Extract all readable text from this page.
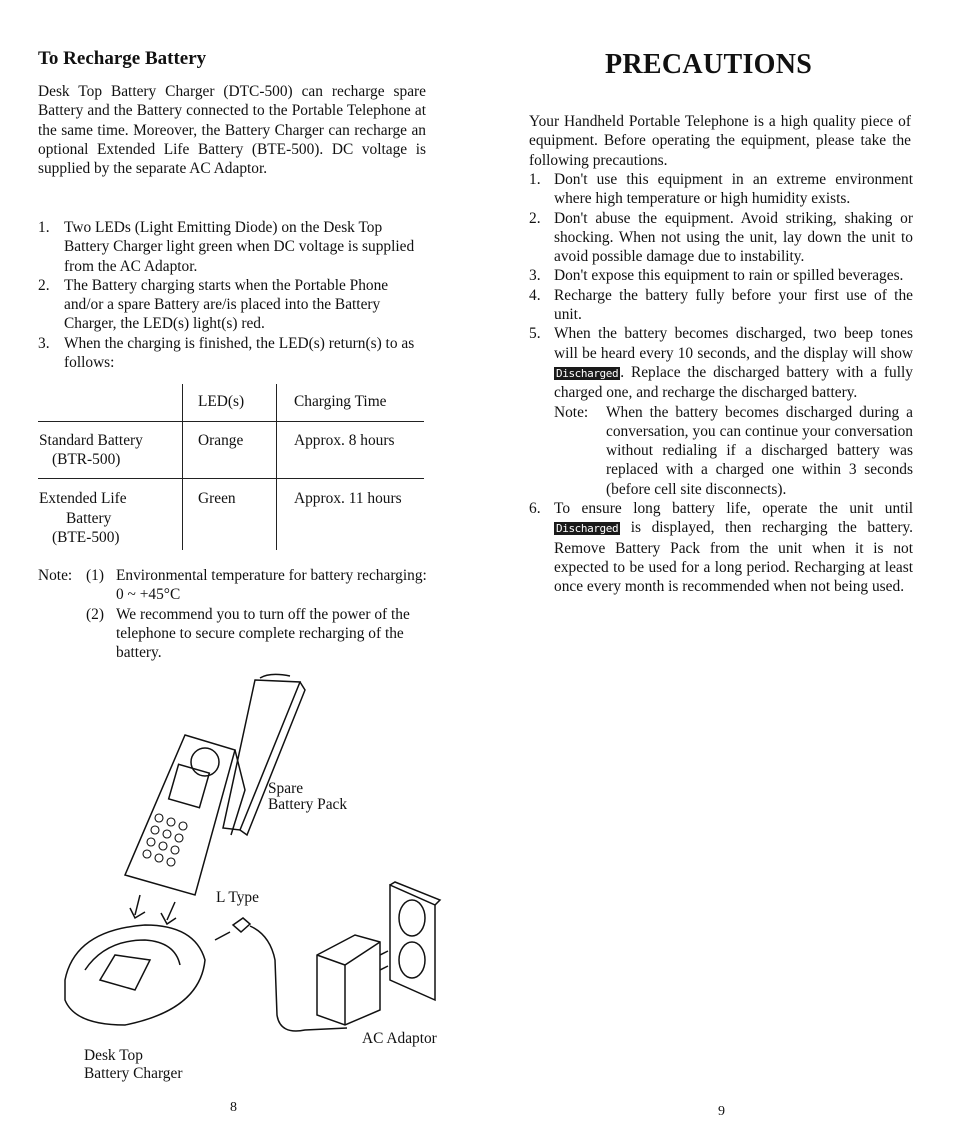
To Recharge Battery
Desk Top Battery Charger (DTC-500) can recharge spare Battery and the Battery connected to the Portable Telephone at the same time. Moreover, the Battery Charger can recharge an optional Extended Life Battery (BTE-500). DC voltage is supplied by the separate AC Adaptor.
1. Two LEDs (Light Emitting Diode) on the Desk Top Battery Charger light green when DC voltage is supplied from the AC Adaptor.
2. The Battery charging starts when the Portable Phone and/or a spare Battery are/is placed into the Battery Charger, the LED(s) light(s) red.
3. When the charging is finished, the LED(s) return(s) to as follows:
LED(s)	Charging Time
Standard Battery
(BTR-500)
Orange	Approx. 8 hours
Extended Life
Battery
(BTE-500)
Green	Approx. 11 hours
Note: (1) Environmental temperature for battery recharging: 0 ~ +45°C
(2) We recommend you to turn off the power of the telephone to secure complete recharging of the battery.
Spare
Battery Pack
L Type
AC Adaptor
Desk Top
Battery Charger
8
PRECAUTIONS
Your Handheld Portable Telephone is a high quality piece of equipment. Before operating the equipment, please take the following precautions.
1. Don't use this equipment in an extreme environment where high temperature or high humidity exists.
2. Don't abuse the equipment. Avoid striking, shaking or shocking. When not using the unit, lay down the unit to avoid possible damage due to instability.
3. Don't expose this equipment to rain or spilled beverages.
4. Recharge the battery fully before your first use of the unit.
5. When the battery becomes discharged, two beep tones will be heard every 10 seconds, and the display will show Discharged . Replace the discharged battery with a fully charged one, and recharge the discharged battery.
Note: When the battery becomes discharged during a conversation, you can continue your conversation without redialing if a discharged battery was replaced with a charged one within 3 seconds (before cell site disconnects).
6. To ensure long battery life, operate the unit until Discharged is displayed, then recharging the battery. Remove Battery Pack from the unit when it is not expected to be used for a long period. Recharging at least once every month is recommended when not being used.
9
